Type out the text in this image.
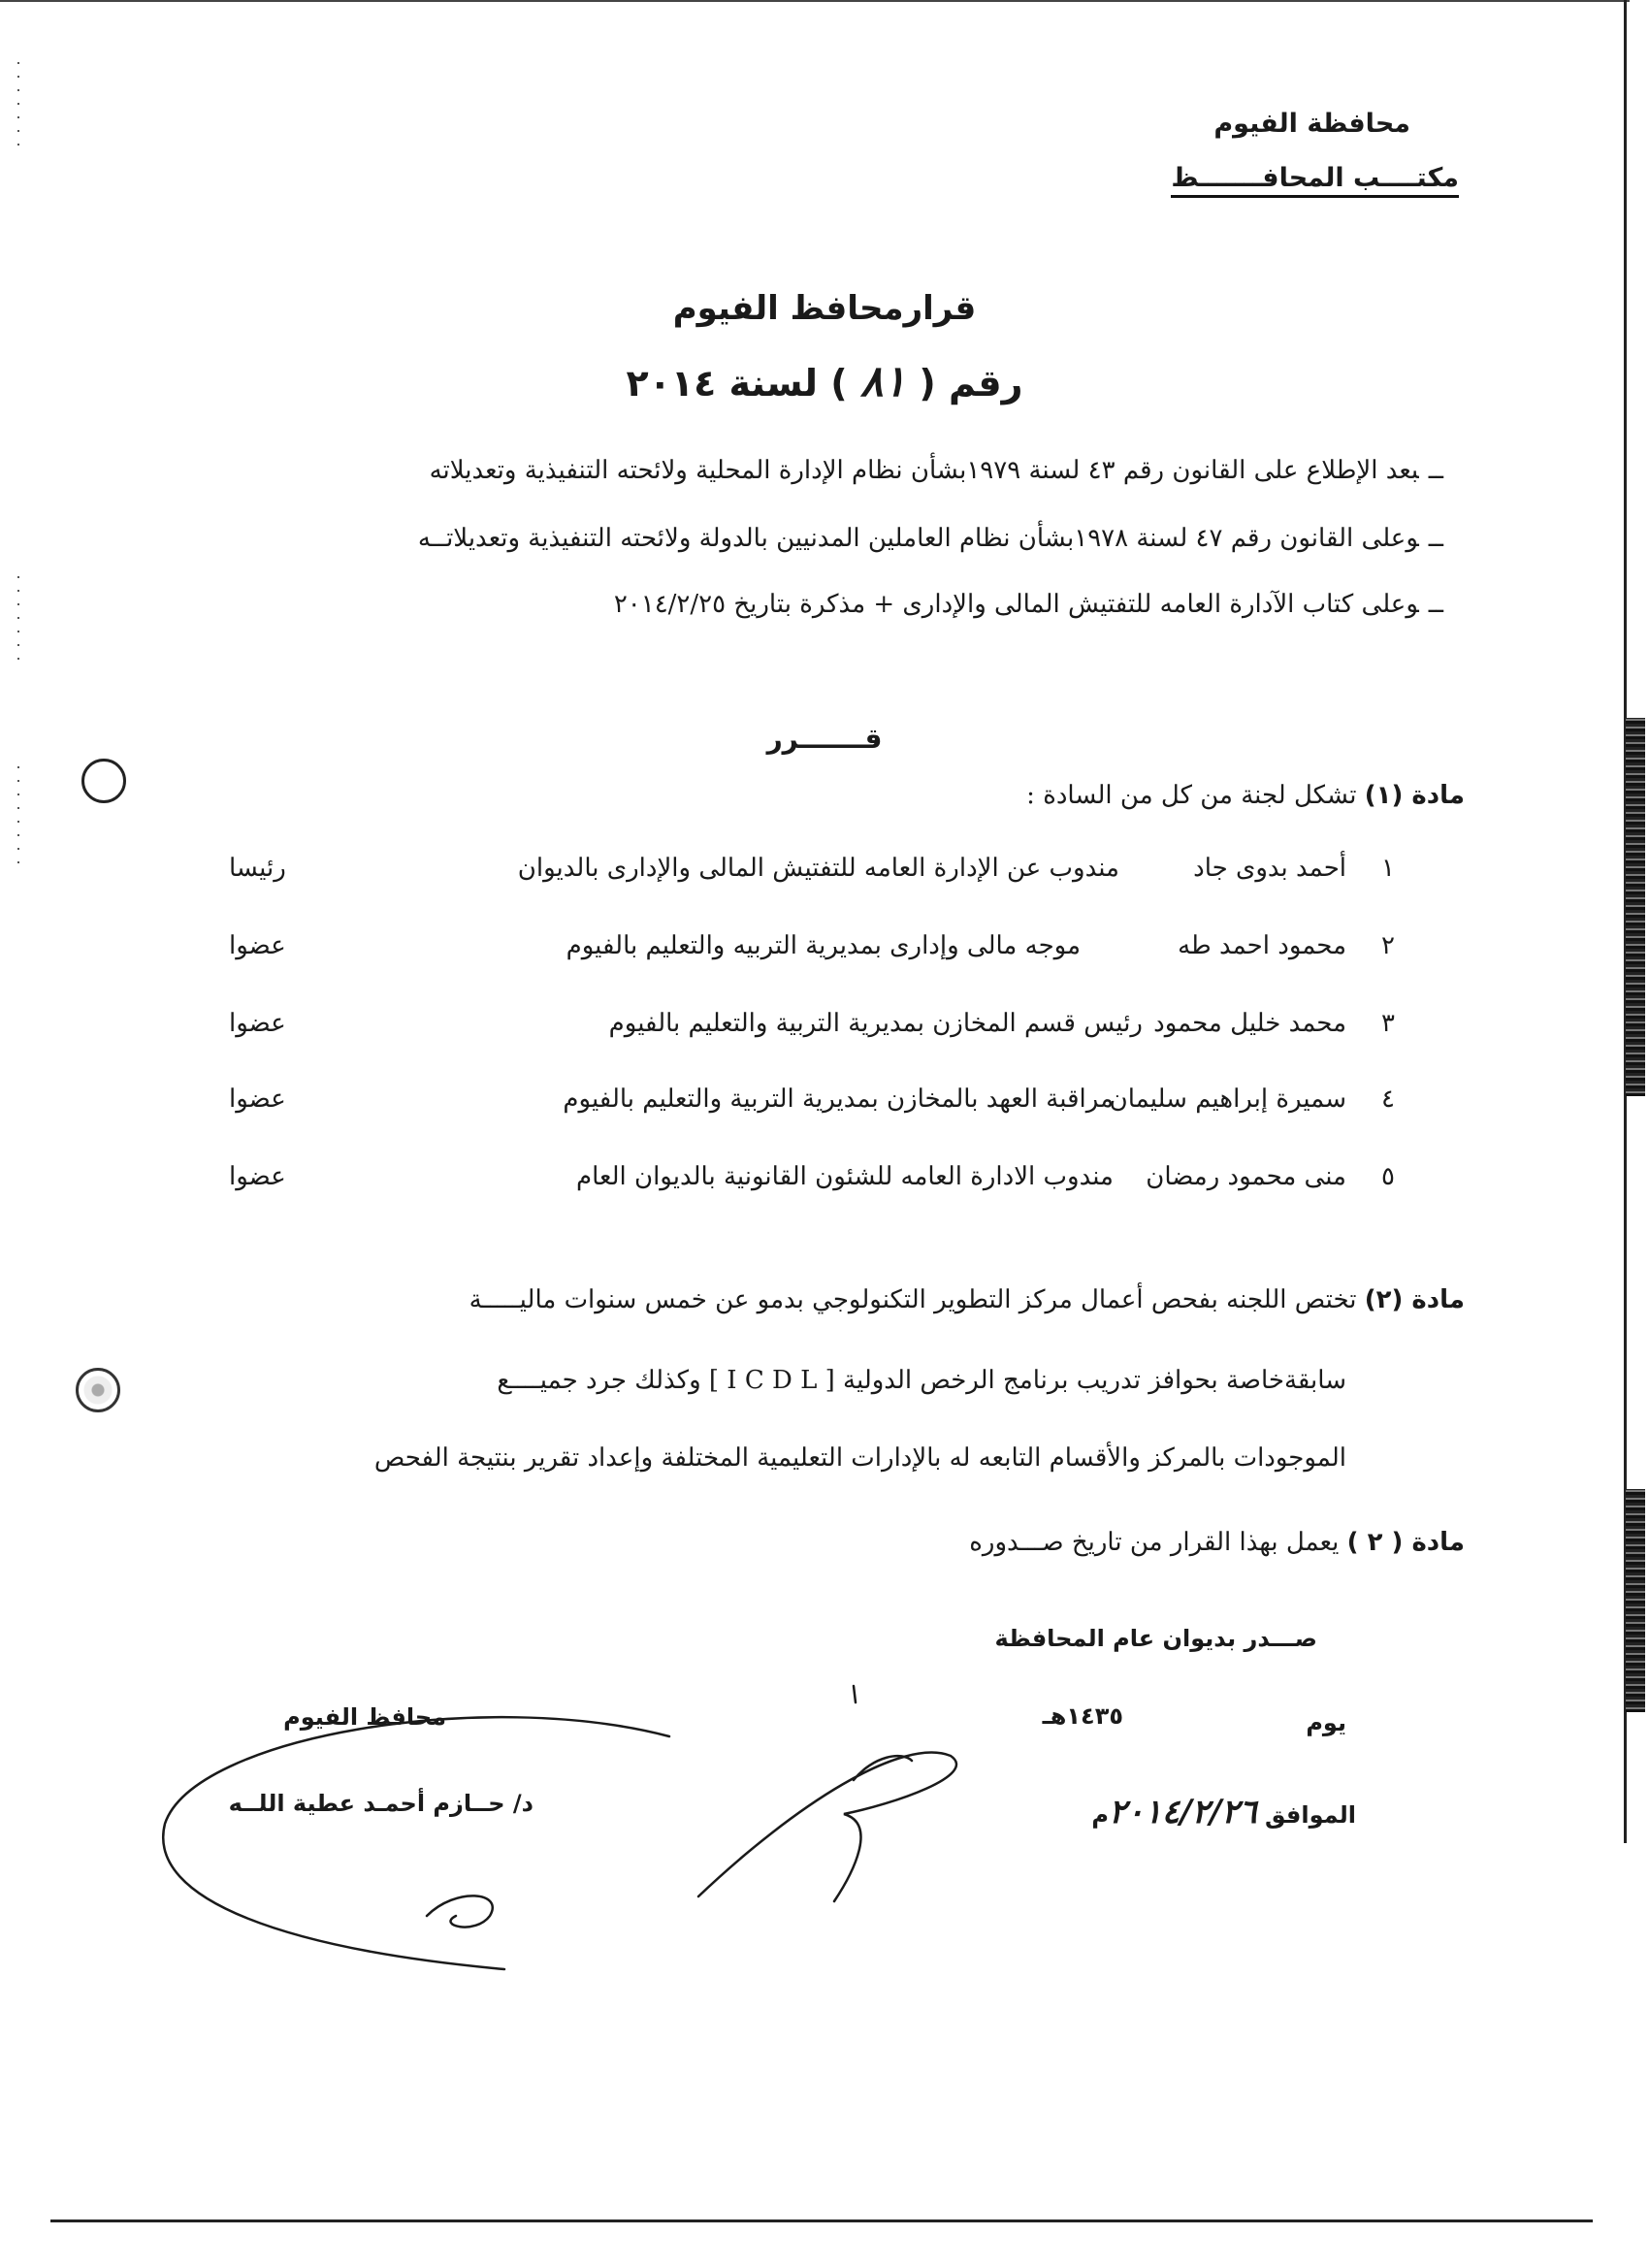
محافظة الفيوم
مكتــــب المحافـــــــظ
قرارمحافظ الفيوم
رقم ( ٨١ ) لسنة ٢٠١٤
ــبعد الإطلاع على القانون رقم ٤٣ لسنة ١٩٧٩بشأن نظام الإدارة المحلية ولائحته التنفيذية وتعديلاته
ــوعلى القانون رقم ٤٧ لسنة ١٩٧٨بشأن نظام العاملين المدنيين بالدولة ولائحته التنفيذية وتعديلاتــه
ــوعلى كتاب الآدارة العامه للتفتيش المالى والإدارى + مذكرة بتاريخ ٢٠١٤/٢/٢٥
قـــــــرر
مادة (١) تشكل لجنة من كل من السادة :
١
أحمد بدوى جاد
مندوب عن الإدارة العامه للتفتيش المالى والإدارى بالديوان
رئيسا
٢
محمود احمد طه
موجه مالى وإدارى بمديرية التربيه والتعليم بالفيوم
عضوا
٣
محمد خليل محمود
رئيس قسم المخازن بمديرية التربية والتعليم بالفيوم
عضوا
٤
سميرة إبراهيم سليمان
مراقبة العهد بالمخازن بمديرية التربية والتعليم بالفيوم
عضوا
٥
منى محمود رمضان
مندوب الادارة العامه للشئون القانونية بالديوان العام
عضوا
مادة (٢) تختص اللجنه بفحص أعمال مركز التطوير التكنولوجي بدمو عن خمس سنوات ماليـــــة
سابقةخاصة بحوافز تدريب برنامج الرخص الدولية [ I C D L ] وكذلك جرد جميــــع
الموجودات بالمركز والأقسام التابعه له بالإدارات التعليمية المختلفة وإعداد تقرير بنتيجة الفحص
مادة ( ٢ ) يعمل بهذا القرار من تاريخ صـــدوره
صـــدر بديوان عام المحافظة
يوم
١٤٣٥هـ
الموافق ٢٠١٤/٢/٢٦م
محافظ الفيوم
د/ حــازم أحمـد عطية اللــه
